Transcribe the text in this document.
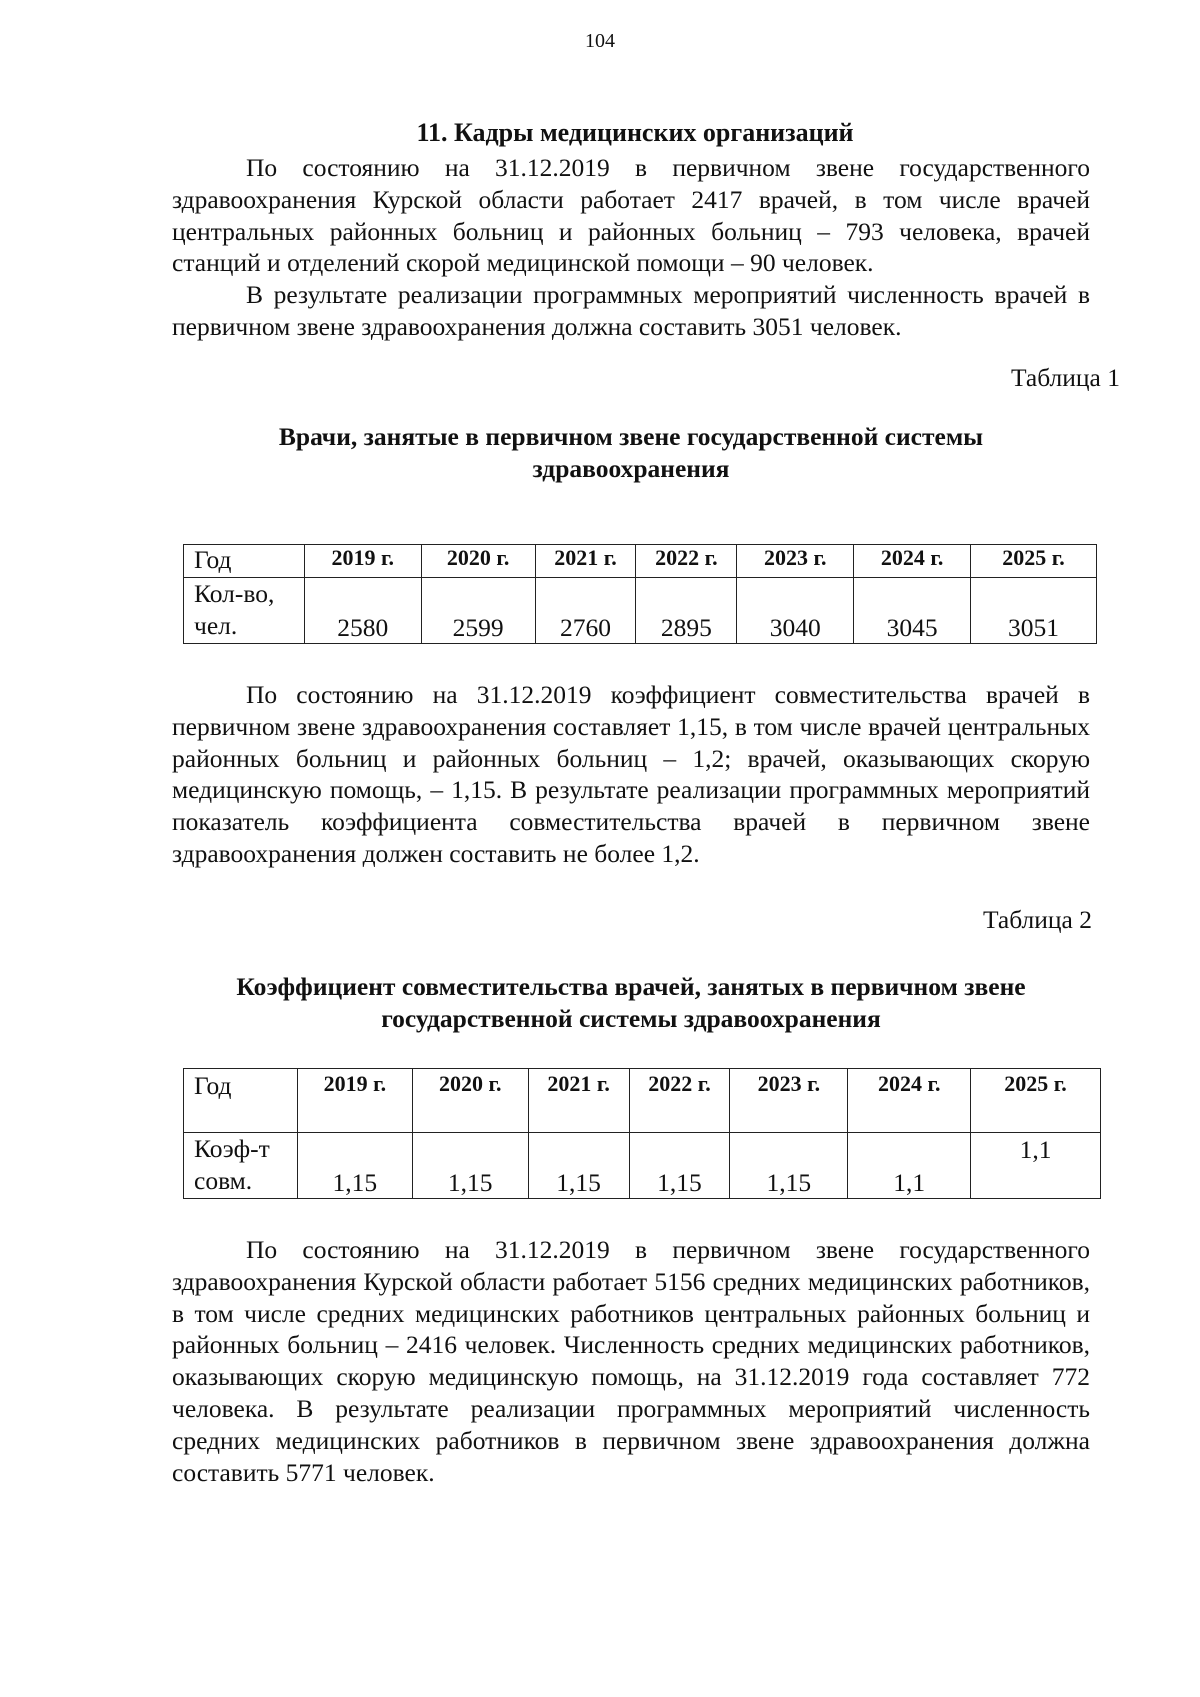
104
11. Кадры медицинских организаций

По состоянию на 31.12.2019 в первичном звене государственного здравоохранения Курской области работает 2417 врачей, в том числе врачей центральных районных больниц и районных больниц – 793 человека, врачей станций и отделений скорой медицинской помощи – 90 человек.

В результате реализации программных мероприятий численность врачей в первичном звене здравоохранения должна составить 3051 человек.

Таблица 1
Врачи, занятые в первичном звене государственной системы
здравоохранения
Год	2019 г.	2020 г.	2021 г.	2022 г.	2023 г.	2024 г.	2025 г.

Кол-во,
чел.	2580	2599	2760	2895	3040	3045	3051

По состоянию на 31.12.2019 коэффициент совместительства врачей в первичном звене здравоохранения составляет 1,15, в том числе врачей центральных районных больниц и районных больниц – 1,2; врачей, оказывающих скорую медицинскую помощь, – 1,15. В результате реализации программных мероприятий показатель коэффициента совместительства врачей в первичном звене здравоохранения должен составить не более 1,2.

Таблица 2
Коэффициент совместительства врачей, занятых в первичном звене
государственной системы здравоохранения
Год	2019 г.	2020 г.	2021 г.	2022 г.	2023 г.	2024 г.	2025 г.

Коэф-т
совм.	1,15	1,15	1,15	1,15	1,15	1,1	1,1

По состоянию на 31.12.2019 в первичном звене государственного здравоохранения Курской области работает 5156 средних медицинских работников, в том числе средних медицинских работников центральных районных больниц и районных больниц – 2416 человек. Численность средних медицинских работников, оказывающих скорую медицинскую помощь, на 31.12.2019 года составляет 772 человека. В результате реализации программных мероприятий численность средних медицинских работников в первичном звене здравоохранения должна составить 5771 человек.
